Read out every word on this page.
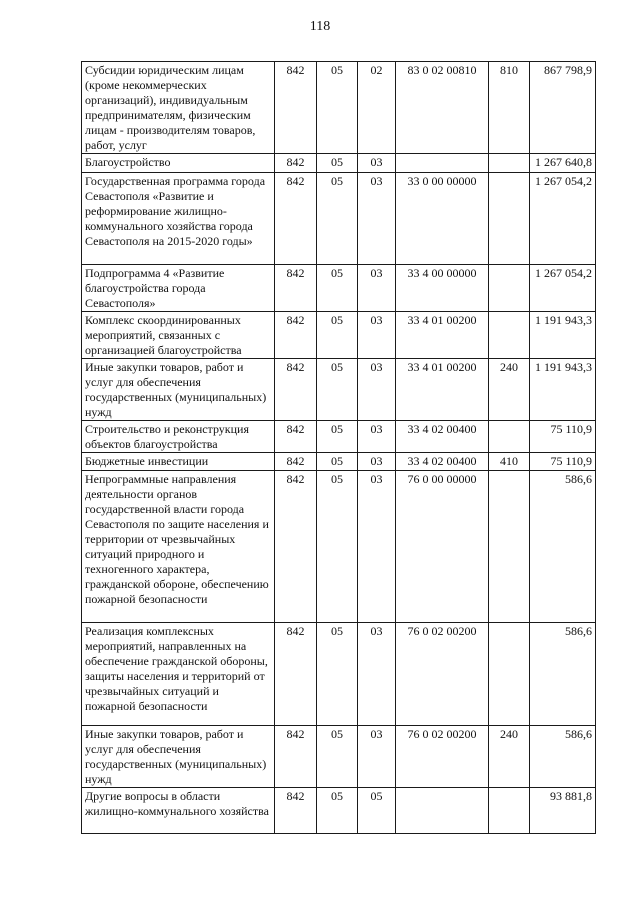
118
Субсидии юридическим лицам (кроме некоммерческих организаций), индивидуальным предпринимателям, физическим лицам - производителям товаров, работ, услуг	842	05	02	83 0 02 00810	810	867 798,9
Благоустройство	842	05	03			1 267 640,8
Государственная программа города Севастополя «Развитие и реформирование жилищно-коммунального хозяйства города Севастополя на 2015-2020 годы»	842	05	03	33 0 00 00000		1 267 054,2
Подпрограмма 4 «Развитие благоустройства города Севастополя»	842	05	03	33 4 00 00000		1 267 054,2
Комплекс скоординированных мероприятий, связанных с организацией благоустройства	842	05	03	33 4 01 00200		1 191 943,3
Иные закупки товаров, работ и услуг для обеспечения государственных (муниципальных) нужд	842	05	03	33 4 01 00200	240	1 191 943,3
Строительство и реконструкция объектов благоустройства	842	05	03	33 4 02 00400		75 110,9
Бюджетные инвестиции	842	05	03	33 4 02 00400	410	75 110,9
Непрограммные направления деятельности органов государственной власти города Севастополя по защите населения и территории от чрезвычайных ситуаций природного и техногенного характера, гражданской обороне, обеспечению пожарной безопасности	842	05	03	76 0 00 00000		586,6
Реализация комплексных мероприятий, направленных на обеспечение гражданской обороны, защиты населения и территорий от чрезвычайных ситуаций и пожарной безопасности	842	05	03	76 0 02 00200		586,6
Иные закупки товаров, работ и услуг для обеспечения государственных (муниципальных) нужд	842	05	03	76 0 02 00200	240	586,6
Другие вопросы в области жилищно-коммунального хозяйства	842	05	05			93 881,8
